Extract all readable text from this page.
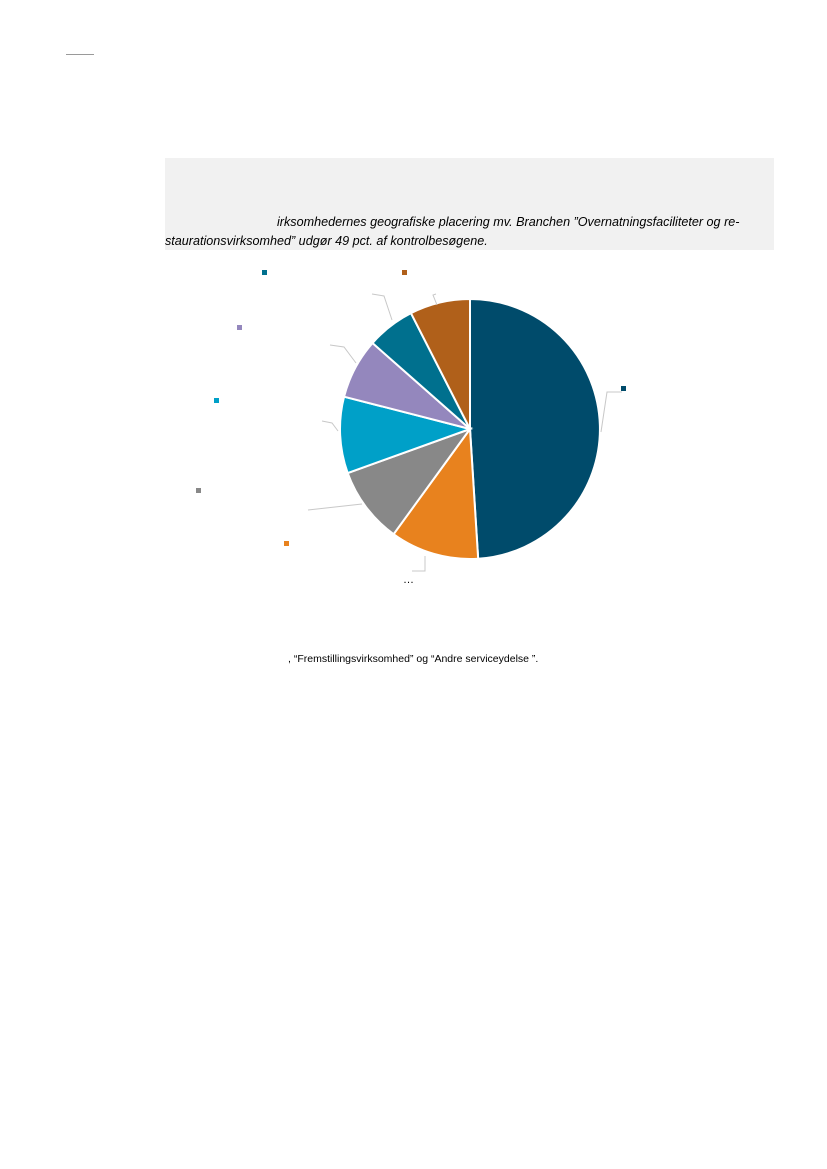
irksomhedernes geografiske placering mv. Branchen ”Overnatningsfaciliteter og re-
staurationsvirksomhed” udgør 49 pct. af kontrolbesøgene.

…
, “Fremstillingsvirksomhed” og “Andre serviceydelse ”.
